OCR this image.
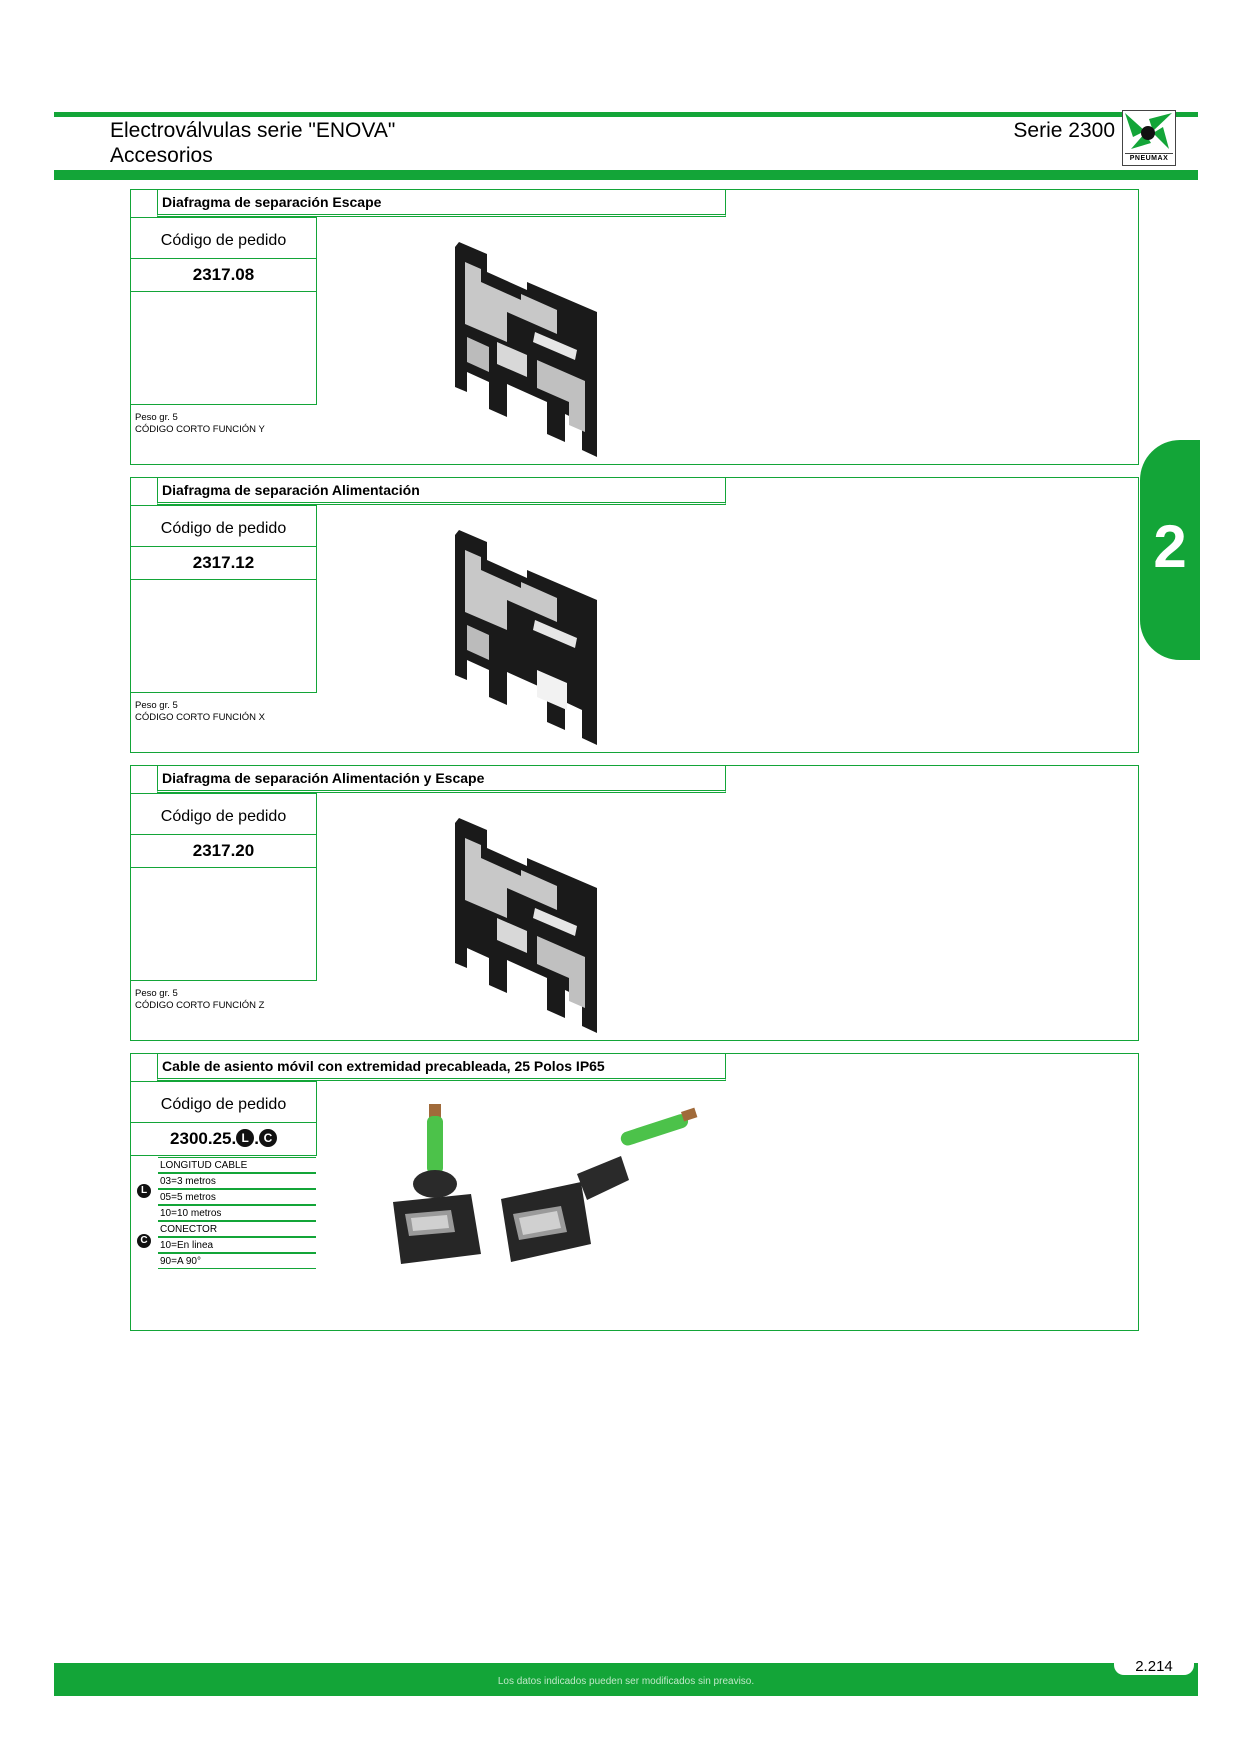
Electroválvulas serie "ENOVA"
Accesorios
Serie 2300
PNEUMAX
2
Diafragma de separación Escape
Código de pedido
2317.08
Peso gr. 5
CÓDIGO CORTO FUNCIÓN Y
Diafragma de separación Alimentación
Código de pedido
2317.12
Peso gr. 5
CÓDIGO CORTO FUNCIÓN X
Diafragma de separación Alimentación y Escape
Código de pedido
2317.20
Peso gr. 5
CÓDIGO CORTO FUNCIÓN Z
Cable de asiento móvil con extremidad precableada, 25 Polos IP65
Código de pedido
2300.25. L . C
L
C
LONGITUD CABLE
03=3 metros
05=5 metros
10=10 metros
CONECTOR
10=En linea
90=A 90°
Los datos indicados pueden ser modificados sin preaviso.
2.214
